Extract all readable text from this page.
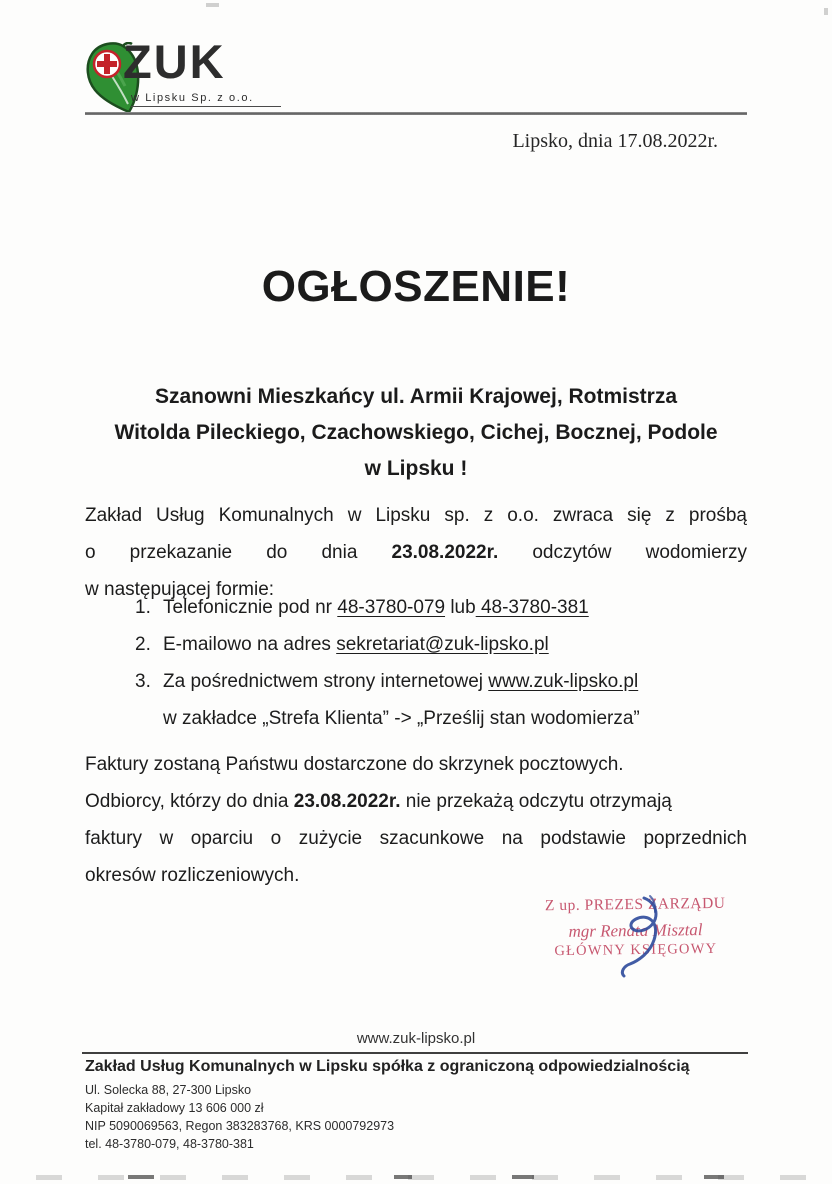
ZUK
w Lipsku Sp. z o.o.
Lipsko, dnia 17.08.2022r.
OGŁOSZENIE!
Szanowni Mieszkańcy ul. Armii Krajowej, Rotmistrza
Witolda Pileckiego, Czachowskiego, Cichej, Bocznej, Podole
w Lipsku !
Zakład Usług Komunalnych w Lipsku sp. z o.o. zwraca się z prośbą
o przekazanie do dnia 23.08.2022r. odczytów wodomierzy
w następującej formie:
1. Telefonicznie pod nr 48-3780-079 lub 48-3780-381
2. E-mailowo na adres sekretariat@zuk-lipsko.pl
3. Za pośrednictwem strony internetowej www.zuk-lipsko.pl
w zakładce „Strefa Klienta” -> „Prześlij stan wodomierza”
Faktury zostaną Państwu dostarczone do skrzynek pocztowych.
Odbiorcy, którzy do dnia 23.08.2022r. nie przekażą odczytu otrzymają
faktury w oparciu o zużycie szacunkowe na podstawie poprzednich
okresów rozliczeniowych.
Z up. PREZES ZARZĄDU
mgr Renata Misztal
GŁÓWNY KSIĘGOWY
www.zuk-lipsko.pl
Zakład Usług Komunalnych w Lipsku spółka z ograniczoną odpowiedzialnością
Ul. Solecka 88, 27-300 Lipsko
Kapitał zakładowy 13 606 000 zł
NIP 5090069563, Regon 383283768, KRS 0000792973
tel. 48-3780-079, 48-3780-381
